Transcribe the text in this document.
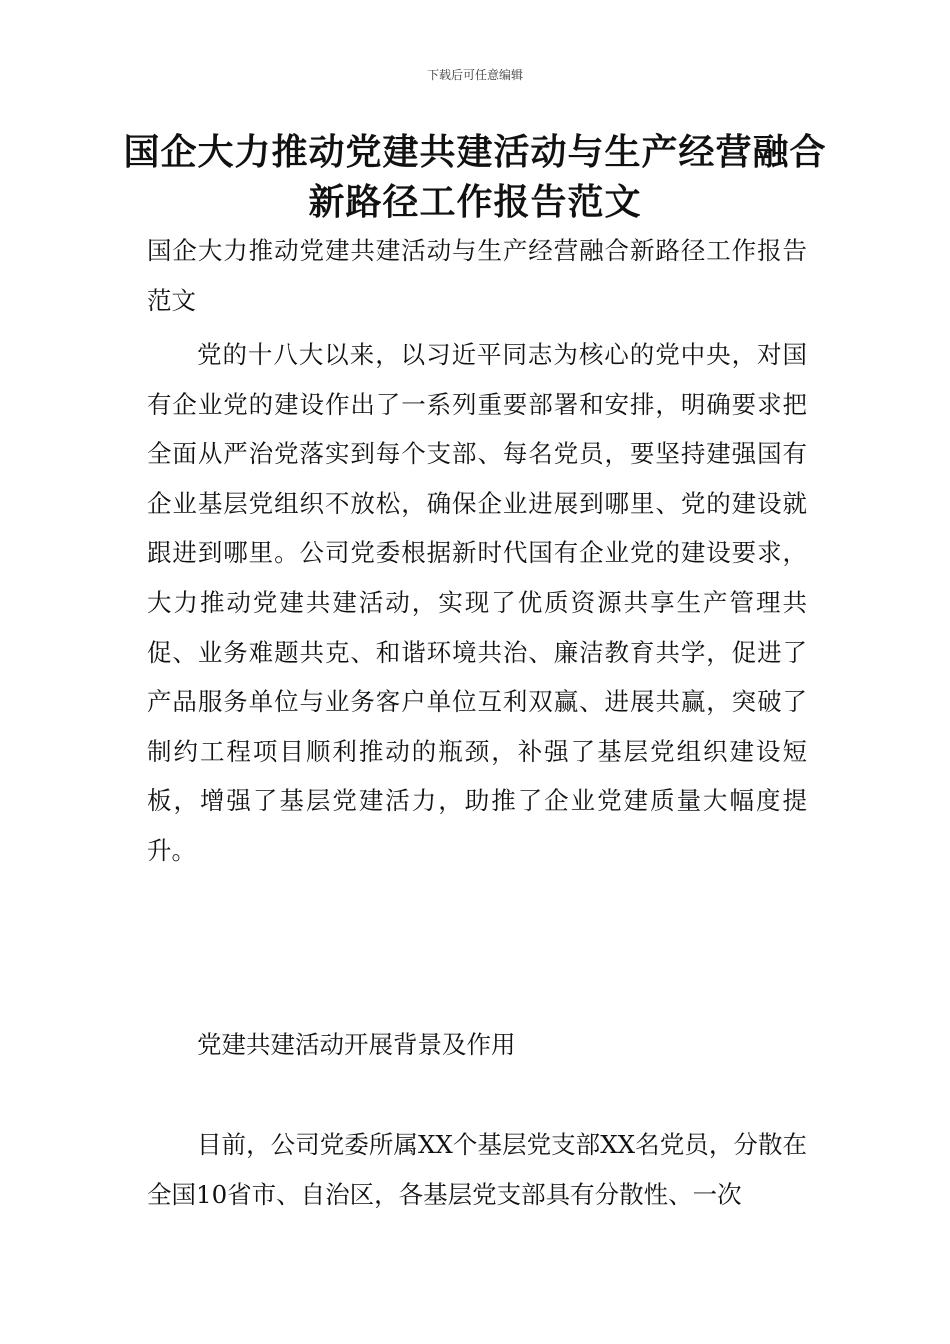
下载后可任意编辑
国企大力推动党建共建活动与生产经营融合新路径工作报告范文

国企大力推动党建共建活动与生产经营融合新路径工作报告范文

党的十八大以来，以习近平同志为核心的党中央，对国有企业党的建设作出了一系列重要部署和安排，明确要求把全面从严治党落实到每个支部、每名党员，要坚持建强国有企业基层党组织不放松，确保企业进展到哪里、党的建设就跟进到哪里。公司党委根据新时代国有企业党的建设要求，大力推动党建共建活动，实现了优质资源共享生产管理共促、业务难题共克、和谐环境共治、廉洁教育共学，促进了产品服务单位与业务客户单位互利双赢、进展共赢，突破了制约工程项目顺利推动的瓶颈，补强了基层党组织建设短板，增强了基层党建活力，助推了企业党建质量大幅度提升。

党建共建活动开展背景及作用

目前，公司党委所属XX个基层党支部XX名党员，分散在全国10省市、自治区，各基层党支部具有分散性、一次
